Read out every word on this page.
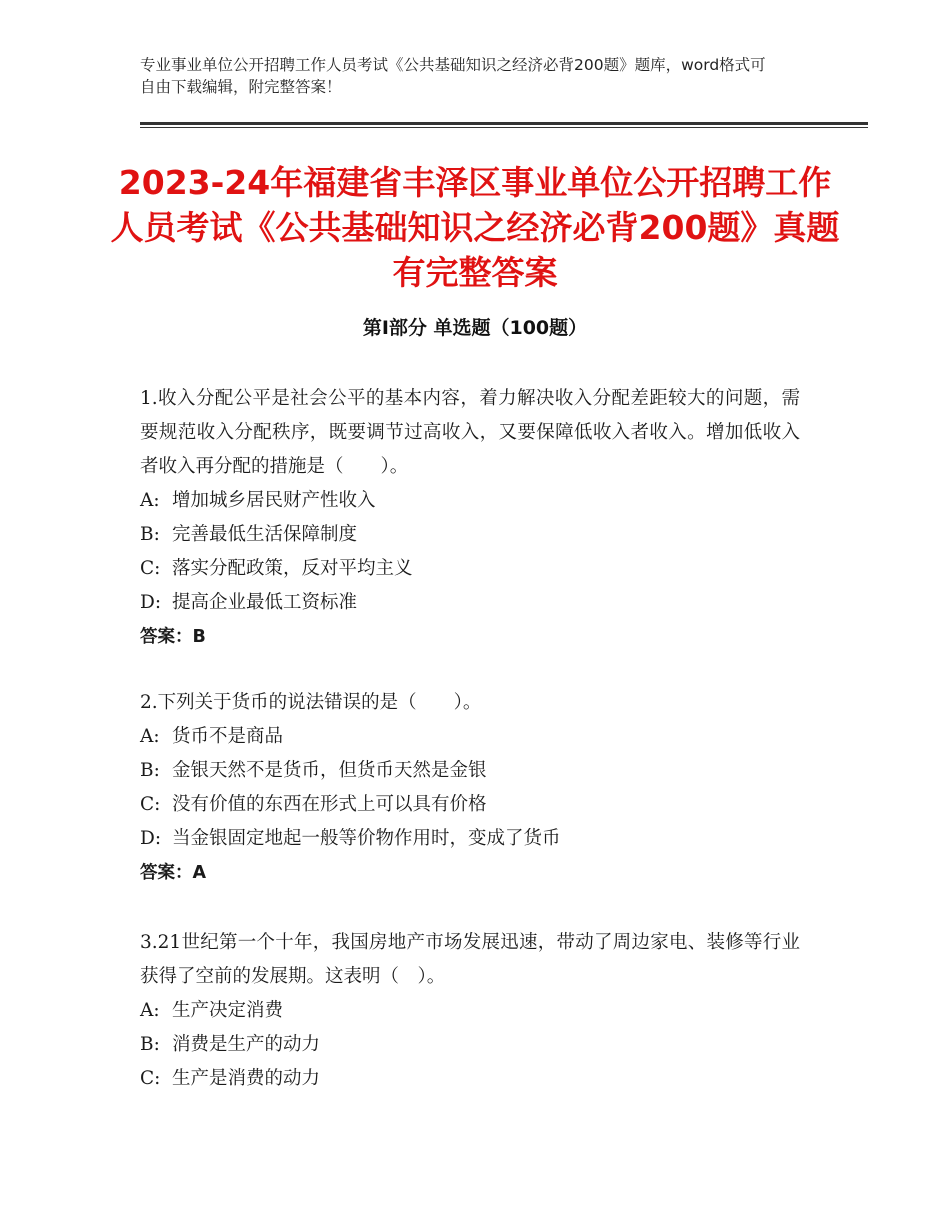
专业事业单位公开招聘工作人员考试《公共基础知识之经济必背200题》题库，word格式可自由下载编辑，附完整答案！
2023-24年福建省丰泽区事业单位公开招聘工作人员考试《公共基础知识之经济必背200题》真题有完整答案
第Ⅰ部分 单选题（100题）

1.收入分配公平是社会公平的基本内容，着力解决收入分配差距较大的问题，需要规范收入分配秩序，既要调节过高收入，又要保障低收入者收入。增加低收入者收入再分配的措施是（　　）。

A: 增加城乡居民财产性收入

B: 完善最低生活保障制度

C: 落实分配政策，反对平均主义

D: 提高企业最低工资标准

答案：B

2.下列关于货币的说法错误的是（　　）。

A: 货币不是商品

B: 金银天然不是货币，但货币天然是金银

C: 没有价值的东西在形式上可以具有价格

D: 当金银固定地起一般等价物作用时，变成了货币

答案：A

3.21世纪第一个十年，我国房地产市场发展迅速，带动了周边家电、装修等行业获得了空前的发展期。这表明（　）。

A: 生产决定消费

B: 消费是生产的动力

C: 生产是消费的动力
